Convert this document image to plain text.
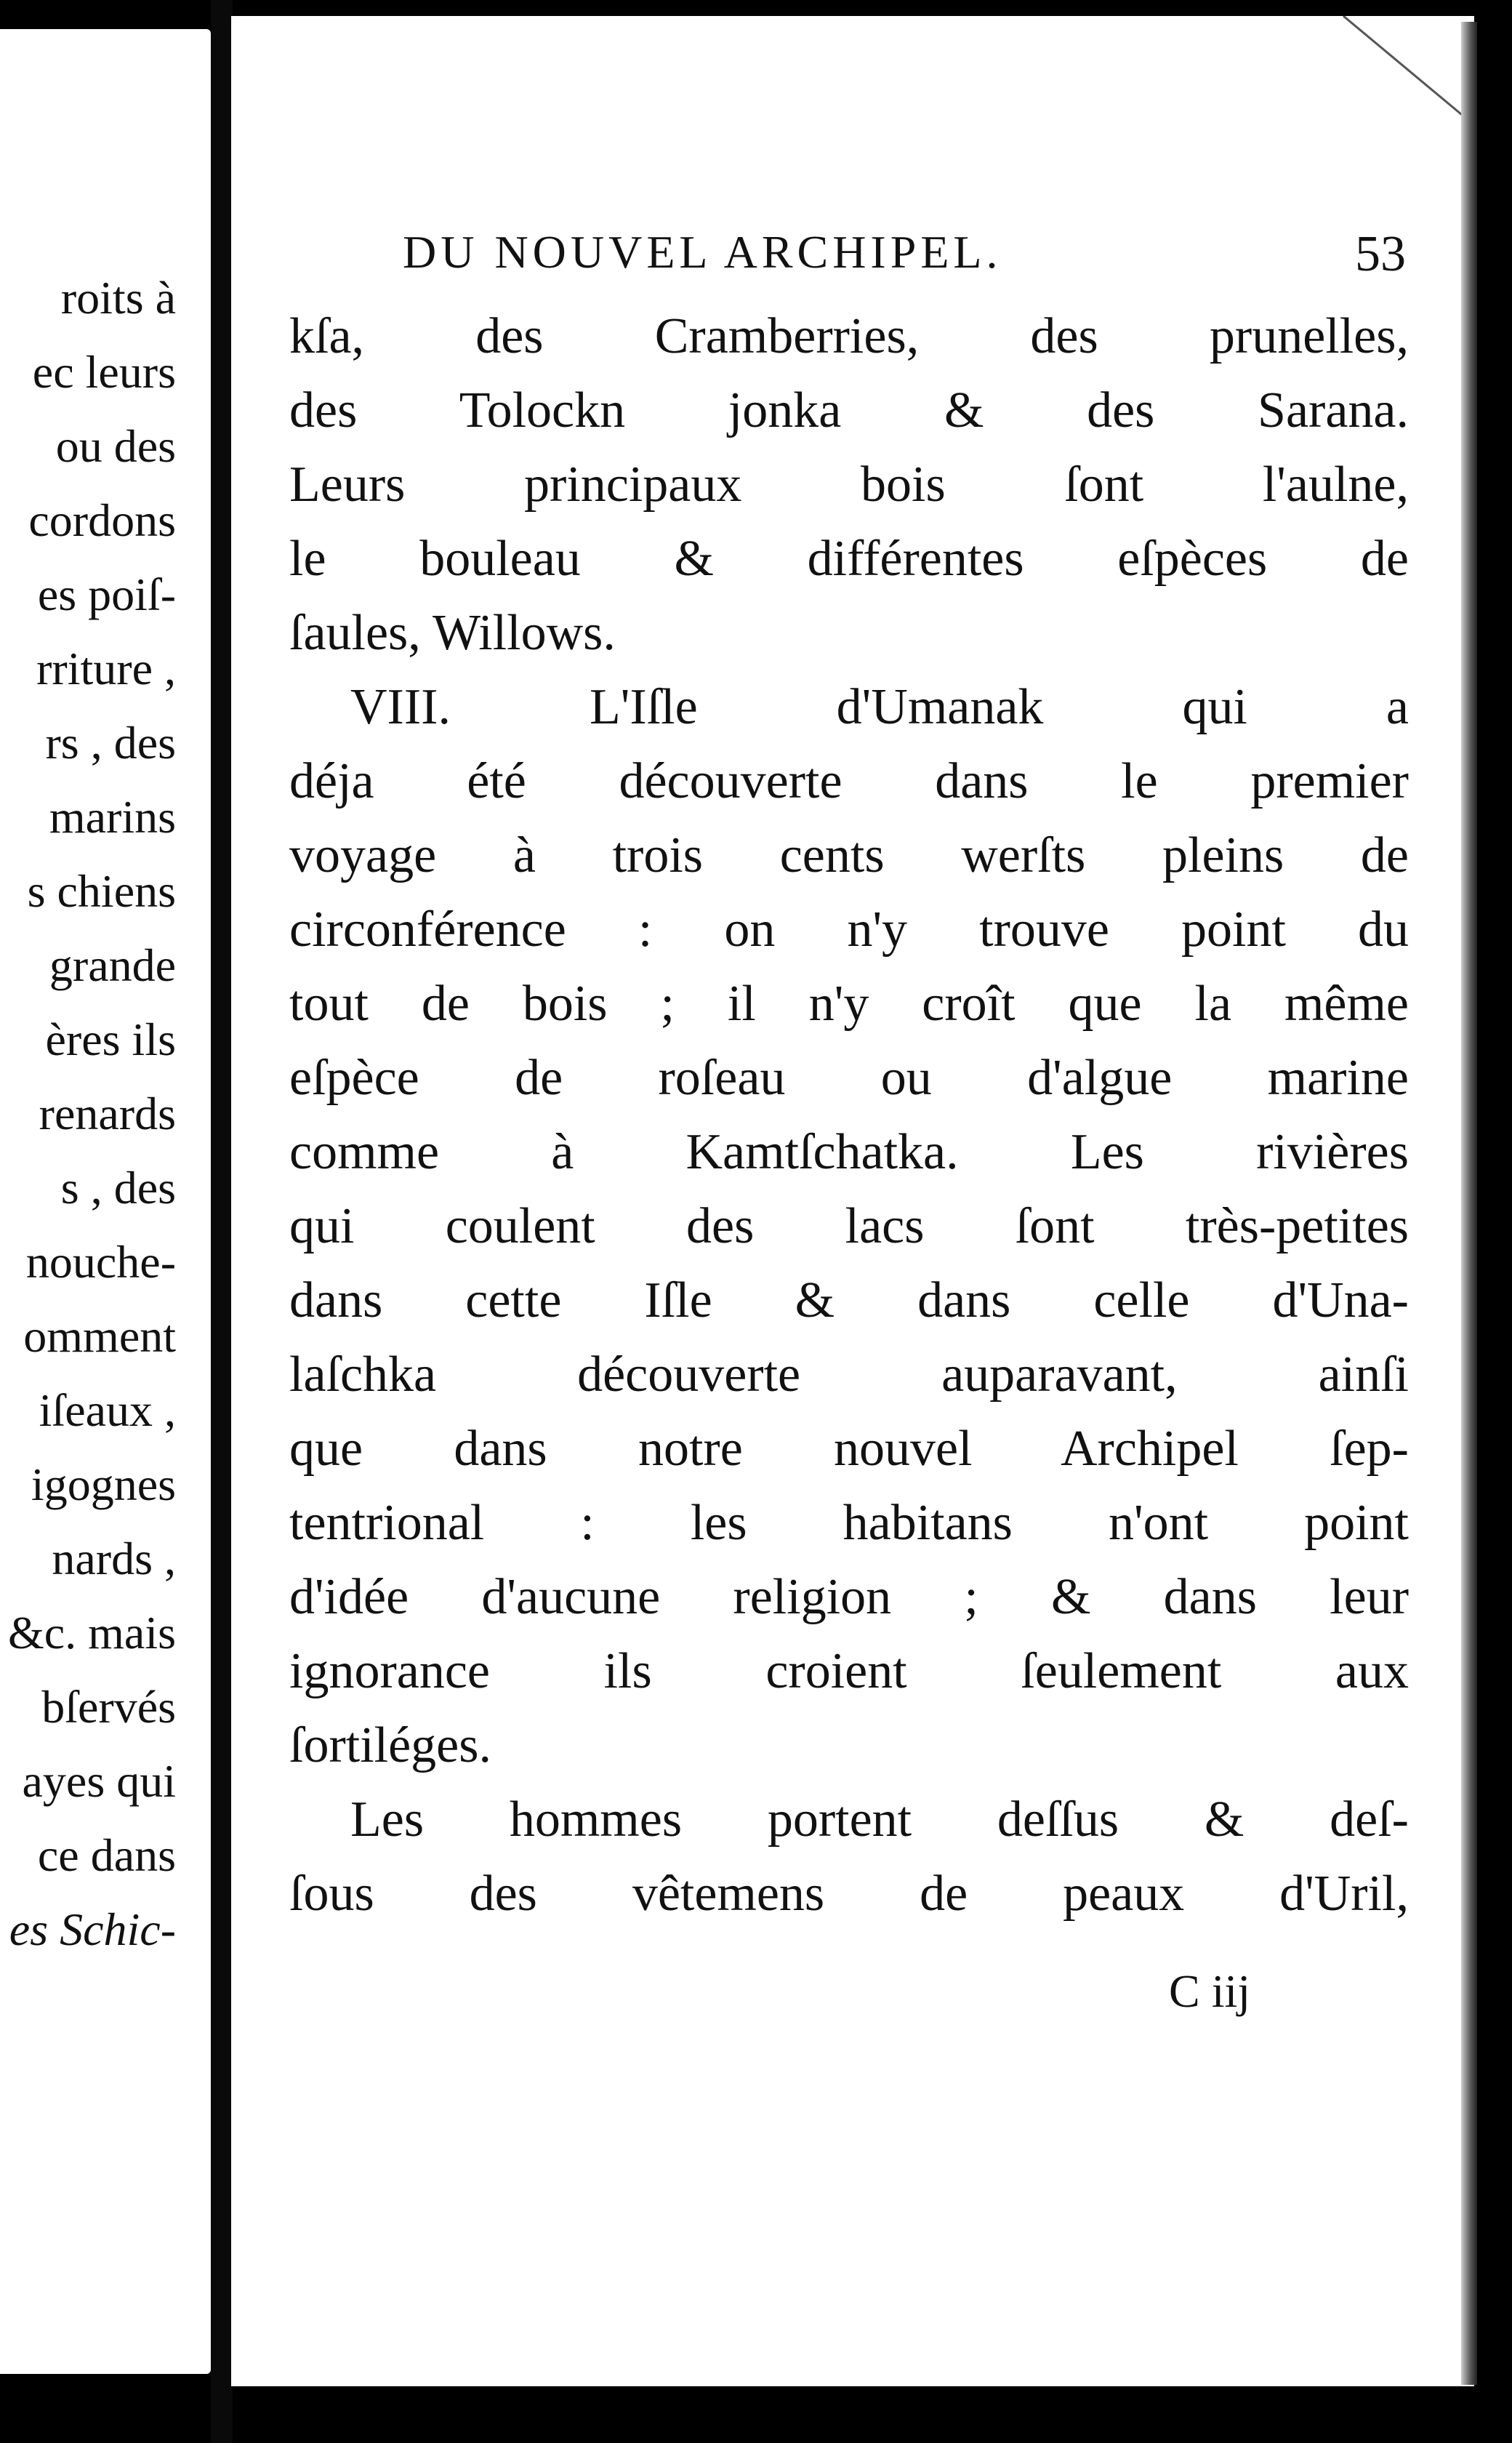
roits à
ec leurs
ou des
cordons
es poiſ-
rriture ,
rs , des
marins
s chiens
grande
ères ils
renards
s , des
nouche-
omment
iſeaux ,
igognes
nards ,
&c. mais
bſervés
ayes qui
ce dans
es Schic-
DU NOUVEL ARCHIPEL.	53
kſa, des Cramberries, des prunelles,
des Tolockn jonka & des Sarana.
Leurs principaux bois ſont l'aulne,
le bouleau & différentes eſpèces de
ſaules, Willows.
VIII. L'Iſle d'Umanak qui a
déja été découverte dans le premier
voyage à trois cents werſts pleins de
circonférence : on n'y trouve point du
tout de bois ; il n'y croît que la même
eſpèce de roſeau ou d'algue marine
comme à Kamtſchatka. Les rivières
qui coulent des lacs ſont très-petites
dans cette Iſle & dans celle d'Una-
laſchka découverte auparavant, ainſi
que dans notre nouvel Archipel ſep-
tentrional : les habitans n'ont point
d'idée d'aucune religion ; & dans leur
ignorance ils croient ſeulement aux
ſortiléges.
Les hommes portent deſſus & deſ-
ſous des vêtemens de peaux d'Uril,
C iij
